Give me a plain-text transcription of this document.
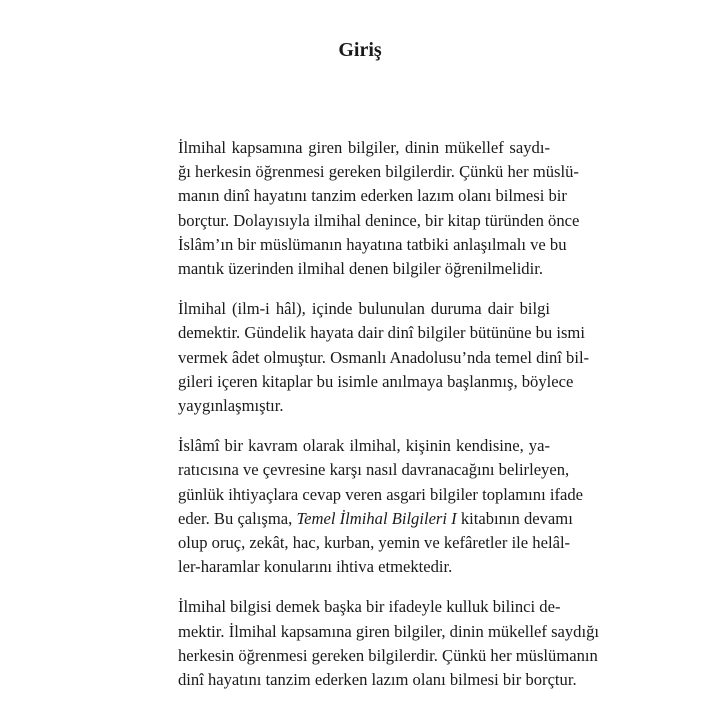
Giriş
İlmihal kapsamına giren bilgiler, dinin mükellef saydı-
ğı herkesin öğrenmesi gereken bilgilerdir. Çünkü her müslü-
manın dinî hayatını tanzim ederken lazım olanı bilmesi bir
borçtur. Dolayısıyla ilmihal denince, bir kitap türünden önce
İslâm’ın bir müslümanın hayatına tatbiki anlaşılmalı ve bu
mantık üzerinden ilmihal denen bilgiler öğrenilmelidir.
İlmihal (ilm-i hâl), içinde bulunulan duruma dair bilgi
demektir. Gündelik hayata dair dinî bilgiler bütününe bu ismi
vermek âdet olmuştur. Osmanlı Anadolusu’nda temel dinî bil-
gileri içeren kitaplar bu isimle anılmaya başlanmış, böylece
yaygınlaşmıştır.
İslâmî bir kavram olarak ilmihal, kişinin kendisine, ya-
ratıcısına ve çevresine karşı nasıl davranacağını belirleyen,
günlük ihtiyaçlara cevap veren asgari bilgiler toplamını ifade
eder. Bu çalışma, Temel İlmihal Bilgileri I kitabının devamı
olup oruç, zekât, hac, kurban, yemin ve kefâretler ile helâl-
ler-haramlar konularını ihtiva etmektedir.
İlmihal bilgisi demek başka bir ifadeyle kulluk bilinci de-
mektir. İlmihal kapsamına giren bilgiler, dinin mükellef saydığı
herkesin öğrenmesi gereken bilgilerdir. Çünkü her müslümanın
dinî hayatını tanzim ederken lazım olanı bilmesi bir borçtur.
